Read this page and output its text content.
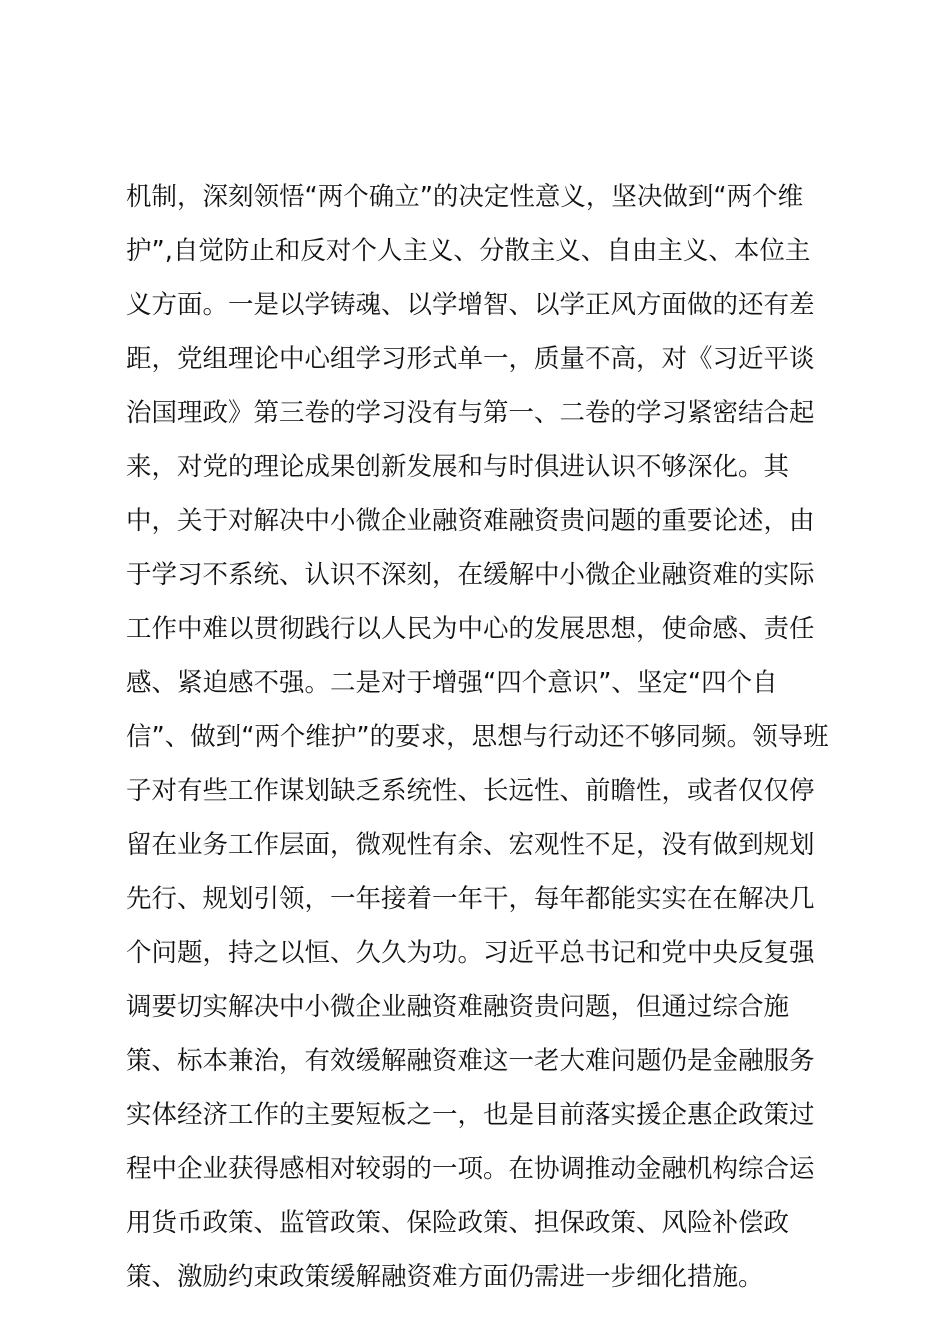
机制，深刻领悟“两个确立”的决定性意义，坚决做到“两个维
护”,自觉防止和反对个人主义、分散主义、自由主义、本位主
义方面。一是以学铸魂、以学增智、以学正风方面做的还有差
距，党组理论中心组学习形式单一，质量不高，对《习近平谈
治国理政》第三卷的学习没有与第一、二卷的学习紧密结合起
来，对党的理论成果创新发展和与时俱进认识不够深化。其
中，关于对解决中小微企业融资难融资贵问题的重要论述，由
于学习不系统、认识不深刻，在缓解中小微企业融资难的实际
工作中难以贯彻践行以人民为中心的发展思想，使命感、责任
感、紧迫感不强。二是对于增强“四个意识”、坚定“四个自
信”、做到“两个维护”的要求，思想与行动还不够同频。领导班
子对有些工作谋划缺乏系统性、长远性、前瞻性，或者仅仅停
留在业务工作层面，微观性有余、宏观性不足，没有做到规划
先行、规划引领，一年接着一年干，每年都能实实在在解决几
个问题，持之以恒、久久为功。习近平总书记和党中央反复强
调要切实解决中小微企业融资难融资贵问题，但通过综合施
策、标本兼治，有效缓解融资难这一老大难问题仍是金融服务
实体经济工作的主要短板之一，也是目前落实援企惠企政策过
程中企业获得感相对较弱的一项。在协调推动金融机构综合运
用货币政策、监管政策、保险政策、担保政策、风险补偿政
策、激励约束政策缓解融资难方面仍需进一步细化措施。
